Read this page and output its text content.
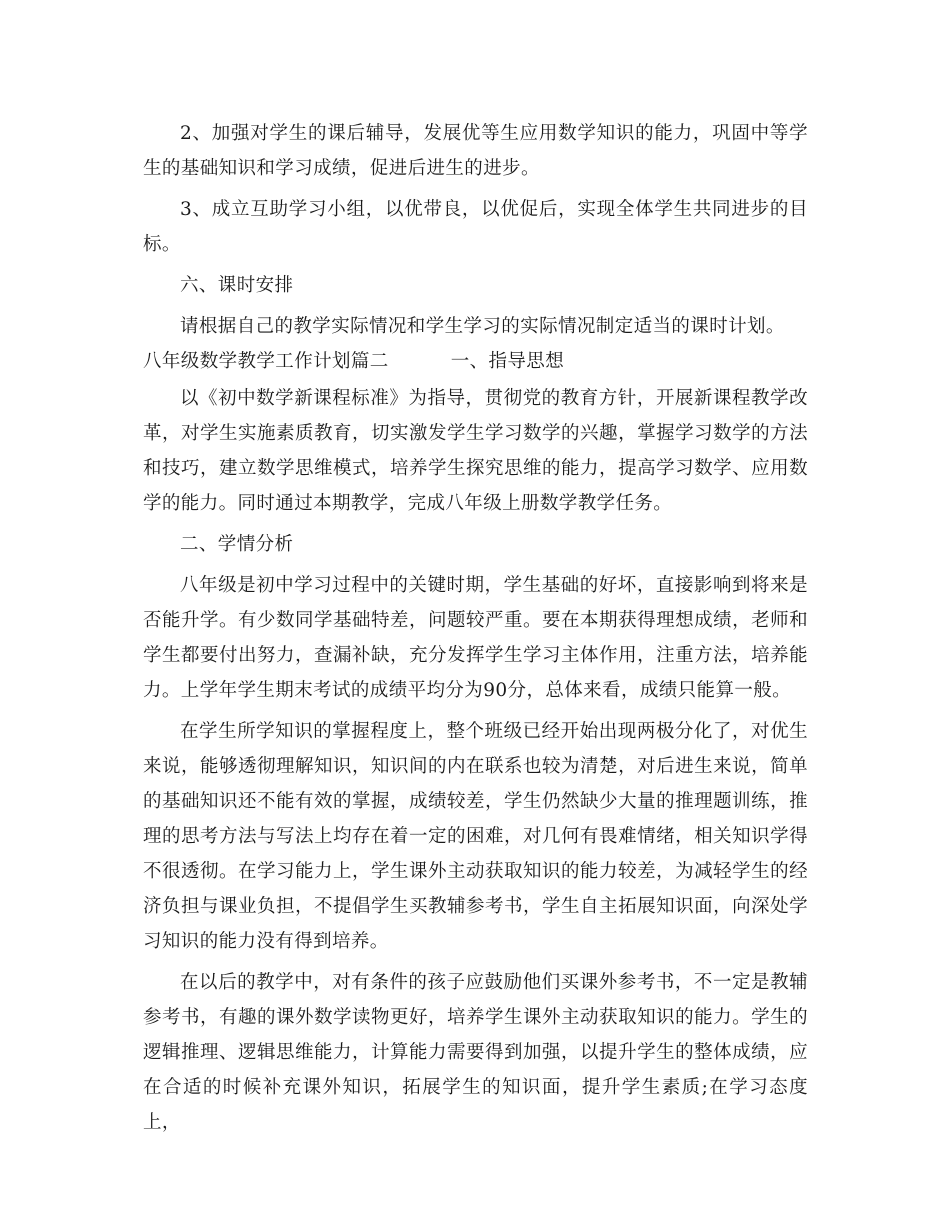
2、加强对学生的课后辅导，发展优等生应用数学知识的能力，巩固中等学生的基础知识和学习成绩，促进后进生的进步。

3、成立互助学习小组，以优带良，以优促后，实现全体学生共同进步的目标。

六、课时安排

请根据自己的教学实际情况和学生学习的实际情况制定适当的课时计划。

八年级数学教学工作计划篇二	一、指导思想

以《初中数学新课程标准》为指导，贯彻党的教育方针，开展新课程教学改革，对学生实施素质教育，切实激发学生学习数学的兴趣，掌握学习数学的方法和技巧，建立数学思维模式，培养学生探究思维的能力，提高学习数学、应用数学的能力。同时通过本期教学，完成八年级上册数学教学任务。

二、学情分析

八年级是初中学习过程中的关键时期，学生基础的好坏，直接影响到将来是否能升学。有少数同学基础特差，问题较严重。要在本期获得理想成绩，老师和学生都要付出努力，查漏补缺，充分发挥学生学习主体作用，注重方法，培养能力。上学年学生期末考试的成绩平均分为90分，总体来看，成绩只能算一般。

在学生所学知识的掌握程度上，整个班级已经开始出现两极分化了，对优生来说，能够透彻理解知识，知识间的内在联系也较为清楚，对后进生来说，简单的基础知识还不能有效的掌握，成绩较差，学生仍然缺少大量的推理题训练，推理的思考方法与写法上均存在着一定的困难，对几何有畏难情绪，相关知识学得不很透彻。在学习能力上，学生课外主动获取知识的能力较差，为减轻学生的经济负担与课业负担，不提倡学生买教辅参考书，学生自主拓展知识面，向深处学习知识的能力没有得到培养。

在以后的教学中，对有条件的孩子应鼓励他们买课外参考书，不一定是教辅参考书，有趣的课外数学读物更好，培养学生课外主动获取知识的能力。学生的逻辑推理、逻辑思维能力，计算能力需要得到加强，以提升学生的整体成绩，应在合适的时候补充课外知识，拓展学生的知识面，提升学生素质;在学习态度上，
